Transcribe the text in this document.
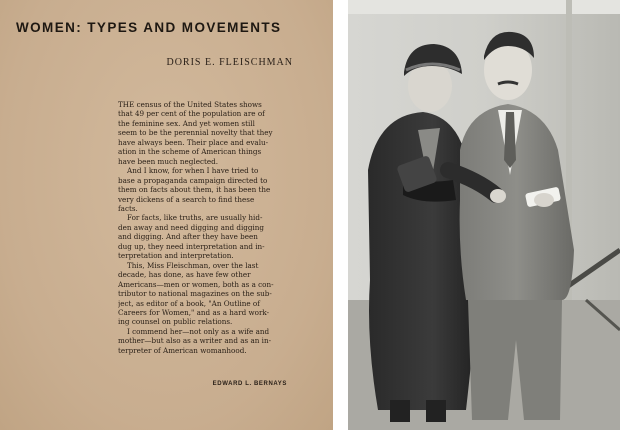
WOMEN: TYPES AND MOVEMENTS
DORIS E. FLEISCHMAN
THE census of the United States shows
that 49 per cent of the population are of
the feminine sex. And yet women still
seem to be the perennial novelty that they
have always been. Their place and evalu-
ation in the scheme of American things
have been much neglected.
And I know, for when I have tried to
base a propaganda campaign directed to
them on facts about them, it has been the
very dickens of a search to find these
facts.
For facts, like truths, are usually hid-
den away and need digging and digging
and digging. And after they have been
dug up, they need interpretation and in-
terpretation and interpretation.
This, Miss Fleischman, over the last
decade, has done, as have few other
Americans—men or women, both as a con-
tributor to national magazines on the sub-
ject, as editor of a book, "An Outline of
Careers for Women," and as a hard work-
ing counsel on public relations.
I commend her—not only as a wife and
mother—but also as a writer and as an in-
terpreter of American womanhood.
EDWARD L. BERNAYS
